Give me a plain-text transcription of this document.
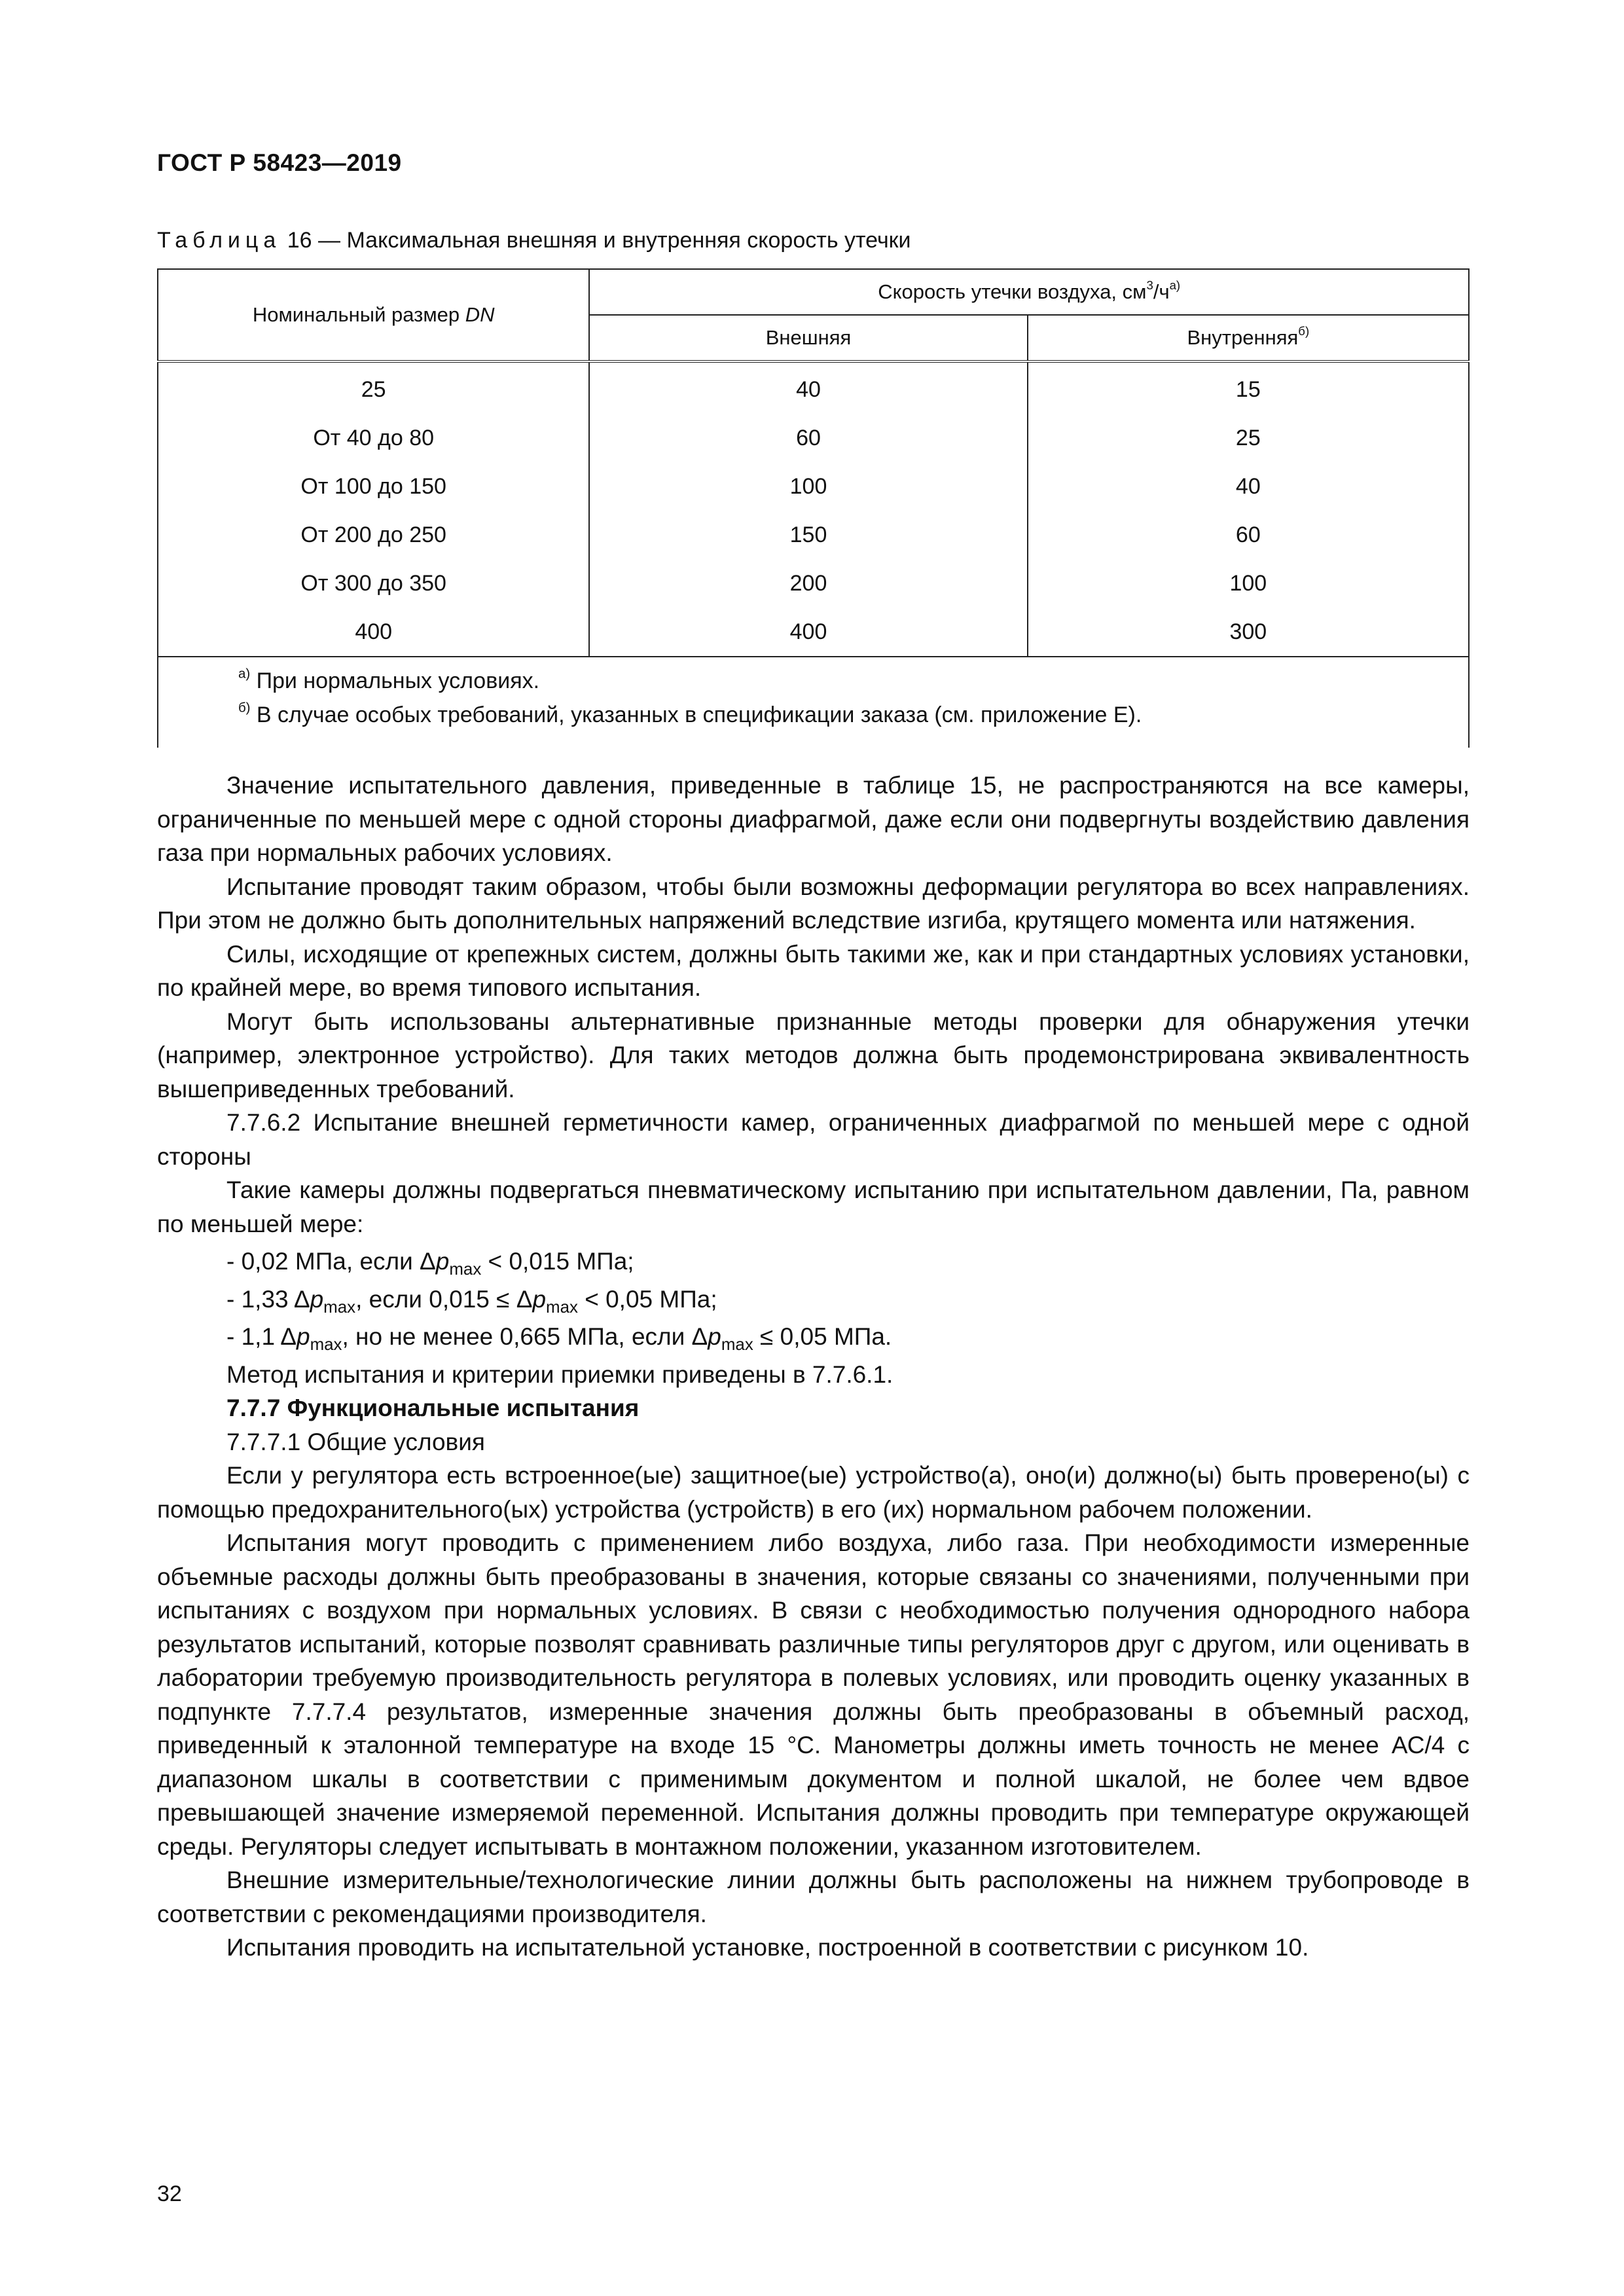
ГОСТ Р 58423—2019
Таблица 16 — Максимальная внешняя и внутренняя скорость утечки
Номинальный размер DN	Скорость утечки воздуха, $см^3/ч^{а)}$
	Внешняя	Внутренняя$^{б)}$
25	40	15
От 40 до 80	60	25
От 100 до 150	100	40
От 200 до 250	150	60
От 300 до 350	200	100
400	400	300

$^{а)}$ При нормальных условиях.
$^{б)}$ В случае особых требований, указанных в спецификации заказа (см. приложение Е).		

Значение испытательного давления, приведенные в таблице 15, не распространяются на все камеры, ограниченные по меньшей мере с одной стороны диафрагмой, даже если они подвергнуты воздействию давления газа при нормальных рабочих условиях.

Испытание проводят таким образом, чтобы были возможны деформации регулятора во всех направлениях. При этом не должно быть дополнительных напряжений вследствие изгиба, крутящего момента или натяжения.

Силы, исходящие от крепежных систем, должны быть такими же, как и при стандартных условиях установки, по крайней мере, во время типового испытания.

Могут быть использованы альтернативные признанные методы проверки для обнаружения утечки (например, электронное устройство). Для таких методов должна быть продемонстрирована эквивалентность вышеприведенных требований.

7.7.6.2 Испытание внешней герметичности камер, ограниченных диафрагмой по меньшей мере с одной стороны

Такие камеры должны подвергаться пневматическому испытанию при испытательном давлении, Па, равном по меньшей мере:

- 0,02 МПа, если $\Delta p_{max} < 0,015$ МПа;

- 1,33 $\Delta p_{max}$, если $0,015 \le \Delta p_{max} < 0,05$ МПа;

- 1,1 $\Delta p_{max}$, но не менее 0,665 МПа, если $\Delta p_{max} \le 0,05$ МПа.

Метод испытания и критерии приемки приведены в 7.7.6.1.

7.7.7 Функциональные испытания

7.7.7.1 Общие условия

Если у регулятора есть встроенное(ые) защитное(ые) устройство(а), оно(и) должно(ы) быть проверено(ы) с помощью предохранительного(ых) устройства (устройств) в его (их) нормальном рабочем положении.

Испытания могут проводить с применением либо воздуха, либо газа. При необходимости измеренные объемные расходы должны быть преобразованы в значения, которые связаны со значениями, полученными при испытаниях с воздухом при нормальных условиях. В связи с необходимостью получения однородного набора результатов испытаний, которые позволят сравнивать различные типы регуляторов друг с другом, или оценивать в лаборатории требуемую производительность регулятора в полевых условиях, или проводить оценку указанных в подпункте 7.7.7.4 результатов, измеренные значения должны быть преобразованы в объемный расход, приведенный к эталонной температуре на входе 15 °С. Манометры должны иметь точность не менее АС/4 с диапазоном шкалы в соответствии с применимым документом и полной шкалой, не более чем вдвое превышающей значение измеряемой переменной. Испытания должны проводить при температуре окружающей среды. Регуляторы следует испытывать в монтажном положении, указанном изготовителем.

Внешние измерительные/технологические линии должны быть расположены на нижнем трубопроводе в соответствии с рекомендациями производителя.

Испытания проводить на испытательной установке, построенной в соответствии с рисунком 10.

32
